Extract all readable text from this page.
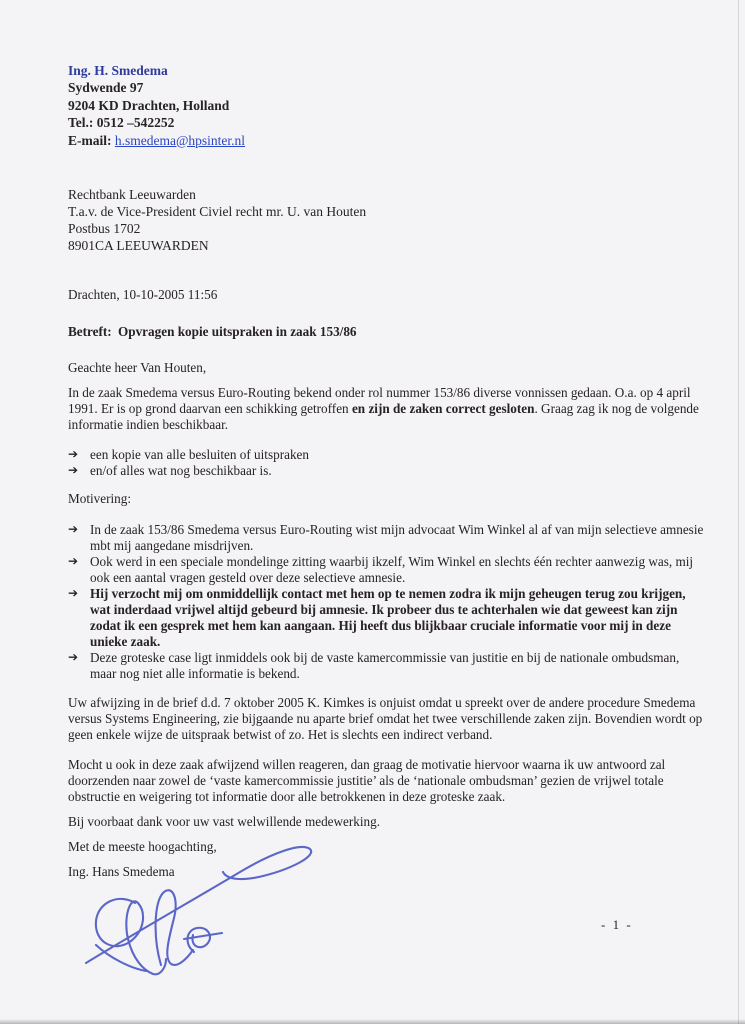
Ing. H. Smedema
Sydwende 97
9204 KD Drachten, Holland
Tel.: 0512 –542252
E-mail: h.smedema@hpsinter.nl
Rechtbank Leeuwarden
T.a.v. de Vice-President Civiel recht mr. U. van Houten
Postbus 1702
8901CA LEEUWARDEN
Drachten, 10-10-2005 11:56
Betreft: Opvragen kopie uitspraken in zaak 153/86
Geachte heer Van Houten,

In de zaak Smedema versus Euro-Routing bekend onder rol nummer 153/86 diverse vonnissen gedaan. O.a. op 4 april 1991. Er is op grond daarvan een schikking getroffen en zijn de zaken correct gesloten. Graag zag ik nog de volgende informatie indien beschikbaar.

➔ een kopie van alle besluiten of uitspraken
➔ en/of alles wat nog beschikbaar is.
Motivering:
➔ In de zaak 153/86 Smedema versus Euro-Routing wist mijn advocaat Wim Winkel al af van mijn selectieve amnesie mbt mij aangedane misdrijven.
➔ Ook werd in een speciale mondelinge zitting waarbij ikzelf, Wim Winkel en slechts één rechter aanwezig was, mij ook een aantal vragen gesteld over deze selectieve amnesie.
➔ Hij verzocht mij om onmiddellijk contact met hem op te nemen zodra ik mijn geheugen terug zou krijgen, wat inderdaad vrijwel altijd gebeurd bij amnesie. Ik probeer dus te achterhalen wie dat geweest kan zijn zodat ik een gesprek met hem kan aangaan. Hij heeft dus blijkbaar cruciale informatie voor mij in deze unieke zaak.
➔ Deze groteske case ligt inmiddels ook bij de vaste kamercommissie van justitie en bij de nationale ombudsman, maar nog niet alle informatie is bekend.

Uw afwijzing in de brief d.d. 7 oktober 2005 K. Kimkes is onjuist omdat u spreekt over de andere procedure Smedema versus Systems Engineering, zie bijgaande nu aparte brief omdat het twee verschillende zaken zijn. Bovendien wordt op geen enkele wijze de uitspraak betwist of zo. Het is slechts een indirect verband.

Mocht u ook in deze zaak afwijzend willen reageren, dan graag de motivatie hiervoor waarna ik uw antwoord zal doorzenden naar zowel de ‘vaste kamercommissie justitie’ als de ‘nationale ombudsman’ gezien de vrijwel totale obstructie en weigering tot informatie door alle betrokkenen in deze groteske zaak.

Bij voorbaat dank voor uw vast welwillende medewerking.

Met de meeste hoogachting,

Ing. Hans Smedema

- 1 -
